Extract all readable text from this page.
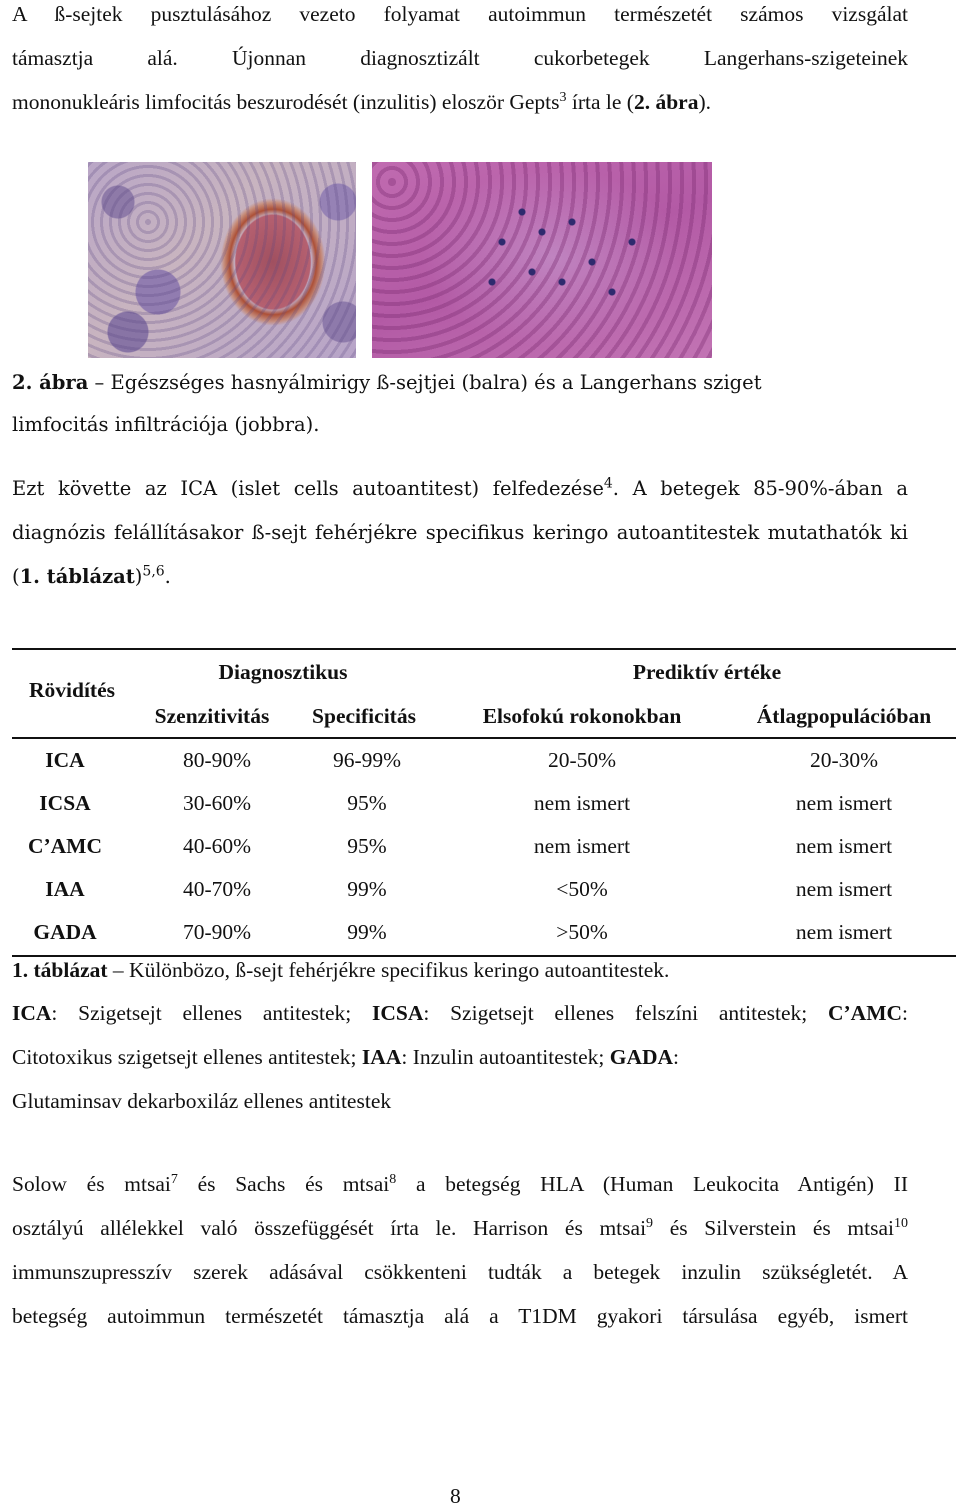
A ß-sejtek pusztulásához vezeto folyamat autoimmun természetét számos vizsgálat
támasztja alá. Újonnan diagnosztizált cukorbetegek Langerhans-szigeteinek
mononukleáris limfocitás beszurodését (inzulitis) eloször Gepts$^3$ írta le (2. ábra).
2. ábra – Egészséges hasnyálmirigy ß-sejtjei (balra) és a Langerhans sziget
limfocitás infiltrációja (jobbra).
Ezt követte az ICA (islet cells autoantitest) felfedezése$^4$. A betegek 85-90%-ában a
diagnózis felállításakor ß-sejt fehérjékre specifikus keringo autoantitestek mutathatók ki
(1. táblázat)$^{5,6}$.
Rövidítés
Diagnosztikus	Prediktív értéke
Szenzitivitás	Specificitás	Elsofokú rokonokban	Átlagpopulációban
ICA	80-90%	96-99%	20-50%	20-30%
ICSA	30-60%	95%	nem ismert	nem ismert
C’AMC	40-60%	95%	nem ismert	nem ismert
IAA	40-70%	99%	<50%	nem ismert
GADA	70-90%	99%	>50%	nem ismert
1. táblázat – Különbözo, ß-sejt fehérjékre specifikus keringo autoantitestek.
ICA: Szigetsejt ellenes antitestek; ICSA: Szigetsejt ellenes felszíni antitestek; C’AMC:
Citotoxikus szigetsejt ellenes antitestek; IAA: Inzulin autoantitestek; GADA:
Glutaminsav dekarboxiláz ellenes antitestek
Solow és mtsai$^7$ és Sachs és mtsai$^8$ a betegség HLA (Human Leukocita Antigén) II
osztályú allélekkel való összefüggését írta le. Harrison és mtsai$^9$ és Silverstein és mtsai$^{10}$
immunszupresszív szerek adásával csökkenteni tudták a betegek inzulin szükségletét. A
betegség autoimmun természetét támasztja alá a T1DM gyakori társulása egyéb, ismert
8
